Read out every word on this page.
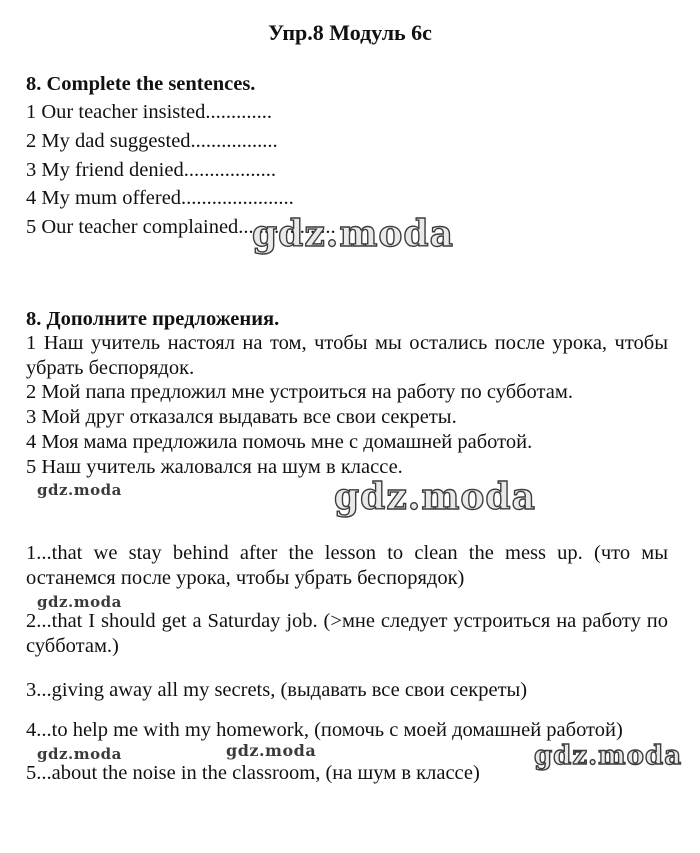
Упр.8 Модуль 6c
8. Complete the sentences.
1 Our teacher insisted.............
2 My dad suggested.................
3 My friend denied..................
4 My mum offered......................
5 Our teacher complained...................
8. Дополните предложения.
1 Наш учитель настоял на том, чтобы мы остались после урока, чтобы убрать беспорядок.
2 Мой папа предложил мне устроиться на работу по субботам.
3 Мой друг отказался выдавать все свои секреты.
4 Моя мама предложила помочь мне с домашней работой.
5 Наш учитель жаловался на шум в классе.
1...that we stay behind after the lesson to clean the mess up. (что мы останемся после урока, чтобы убрать беспорядок)
2...that I should get a Saturday job. (>мне следует устроиться на работу по субботам.)
3...giving away all my secrets, (выдавать все свои секреты)
4...to help me with my homework, (помочь с моей домашней работой)
5...about the noise in the classroom, (на шум в классе)
gdz.moda
gdz.moda
gdz.moda
gdz.moda
gdz.moda
gdz.moda	gdz.moda
